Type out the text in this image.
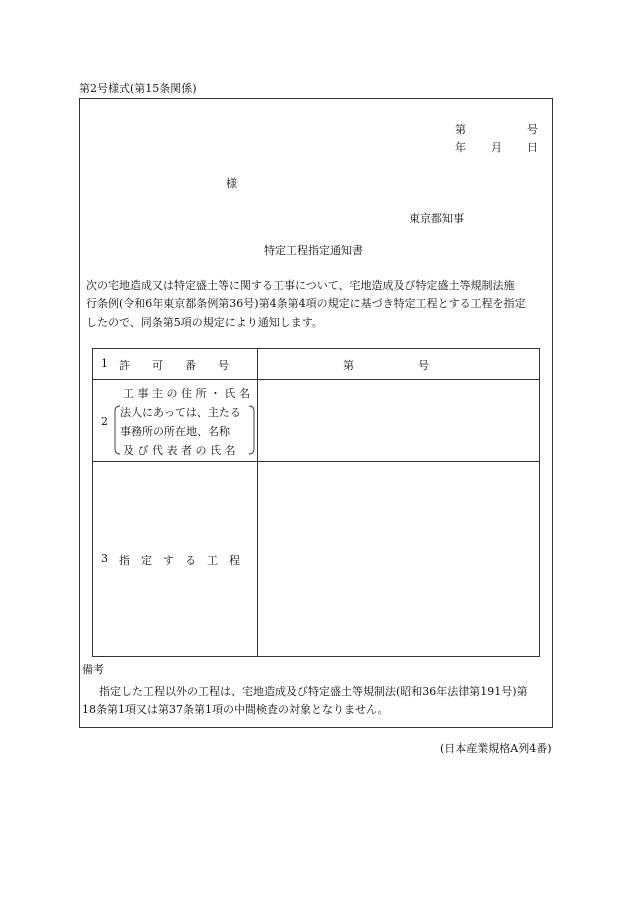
第2号様式(第15条関係)
第	号
年 月 日
様
東京都知事
特定工程指定通知書
次の宅地造成又は特定盛土等に関する工事について、宅地造成及び特定盛土等規制法施
行条例(令和6年東京都条例第36号)第4条第4項の規定に基づき特定工程とする工程を指定
したので、同条第5項の規定により通知します。
1 許　　可　　番　　号	第	号
2
工 事 主 の 住 所 ・ 氏 名
法人にあっては、主たる
事務所の所在地、名称
及 び 代 表 者 の 氏 名
3 指　定　す　る　工　程
備考
指定した工程以外の工程は、宅地造成及び特定盛土等規制法(昭和36年法律第191号)第
18条第1項又は第37条第1項の中間検査の対象となりません。
(日本産業規格A列4番)
